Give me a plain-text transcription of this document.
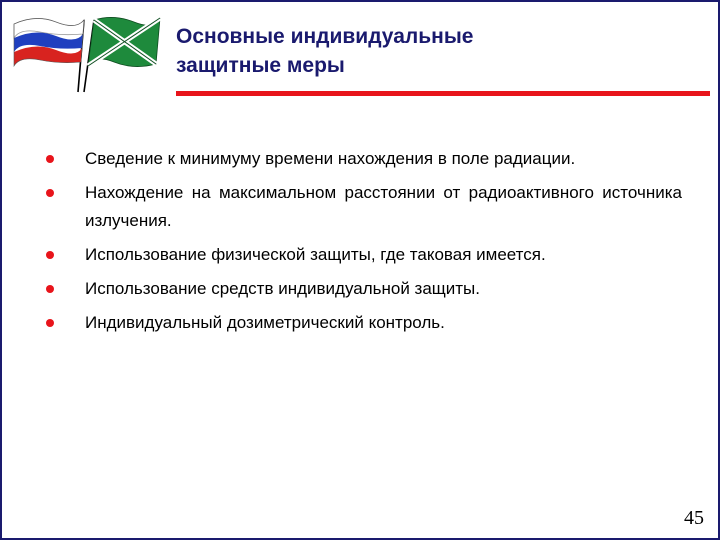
Основные индивидуальные
защитные меры
Сведение к минимуму времени нахождения в поле радиации.
Нахождение на максимальном расстоянии от радиоактивного источника излучения.
Использование физической защиты, где таковая имеется.
Использование средств индивидуальной защиты.
Индивидуальный дозиметрический контроль.
45
